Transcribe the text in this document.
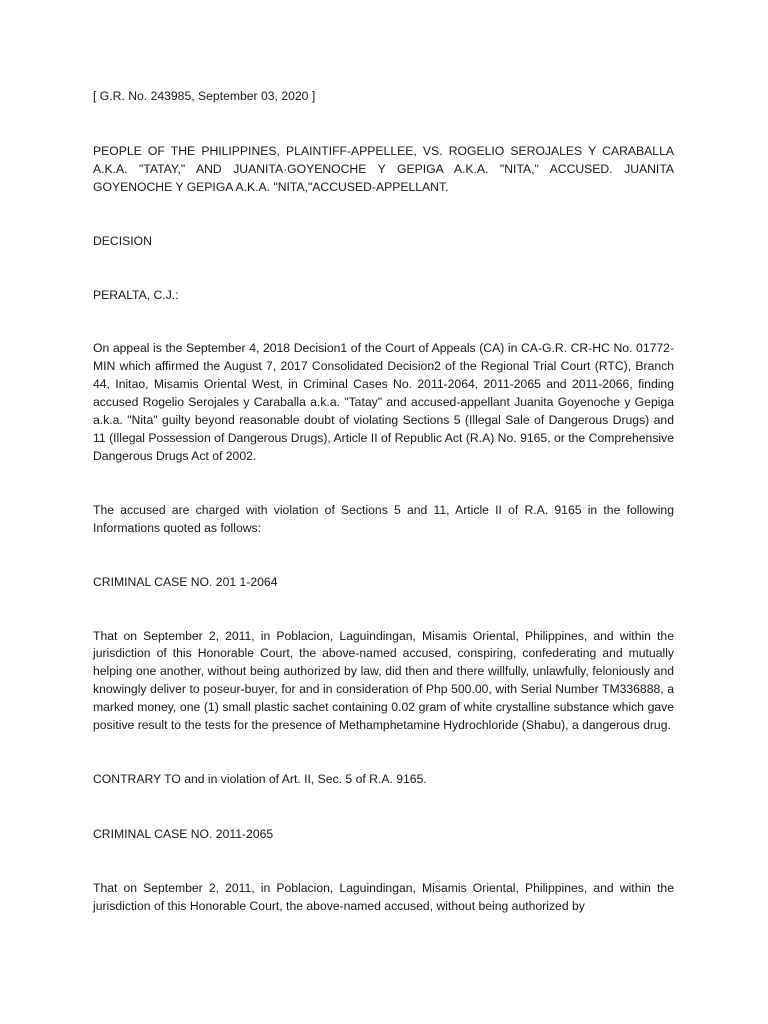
[ G.R. No. 243985, September 03, 2020 ]

PEOPLE OF THE PHILIPPINES, PLAINTIFF-APPELLEE, VS. ROGELIO SEROJALES Y CARABALLA A.K.A. "TATAY," AND JUANITA·GOYENOCHE Y GEPIGA A.K.A. "NITA," ACCUSED. JUANITA GOYENOCHE Y GEPIGA A.K.A. "NITA,"ACCUSED-APPELLANT.

DECISION

PERALTA, C.J.:

On appeal is the September 4, 2018 Decision1 of the Court of Appeals (CA) in CA-G.R. CR-HC No. 01772-MIN which affirmed the August 7, 2017 Consolidated Decision2 of the Regional Trial Court (RTC), Branch 44, Initao, Misamis Oriental West, in Criminal Cases No. 2011-2064, 2011-2065 and 2011-2066, finding accused Rogelio Serojales y Caraballa a.k.a. "Tatay" and accused-appellant Juanita Goyenoche y Gepiga a.k.a. "Nita" guilty beyond reasonable doubt of violating Sections 5 (Illegal Sale of Dangerous Drugs) and 11 (Illegal Possession of Dangerous Drugs), Article II of Republic Act (R.A) No. 9165, or the Comprehensive Dangerous Drugs Act of 2002.

The accused are charged with violation of Sections 5 and 11, Article II of R.A. 9165 in the following Informations quoted as follows:

CRIMINAL CASE NO. 201 1-2064

That on September 2, 2011, in Poblacion, Laguindingan, Misamis Oriental, Philippines, and within the jurisdiction of this Honorable Court, the above-named accused, conspiring, confederating and mutually helping one another, without being authorized by law, did then and there willfully, unlawfully, feloniously and knowingly deliver to poseur-buyer, for and in consideration of Php 500.00, with Serial Number TM336888, a marked money, one (1) small plastic sachet containing 0.02 gram of white crystalline substance which gave positive result to the tests for the presence of Methamphetamine Hydrochloride (Shabu), a dangerous drug.

CONTRARY TO and in violation of Art. II, Sec. 5 of R.A. 9165.

CRIMINAL CASE NO. 2011-2065

That on September 2, 2011, in Poblacion, Laguindingan, Misamis Oriental, Philippines, and within the jurisdiction of this Honorable Court, the above-named accused, without being authorized by
